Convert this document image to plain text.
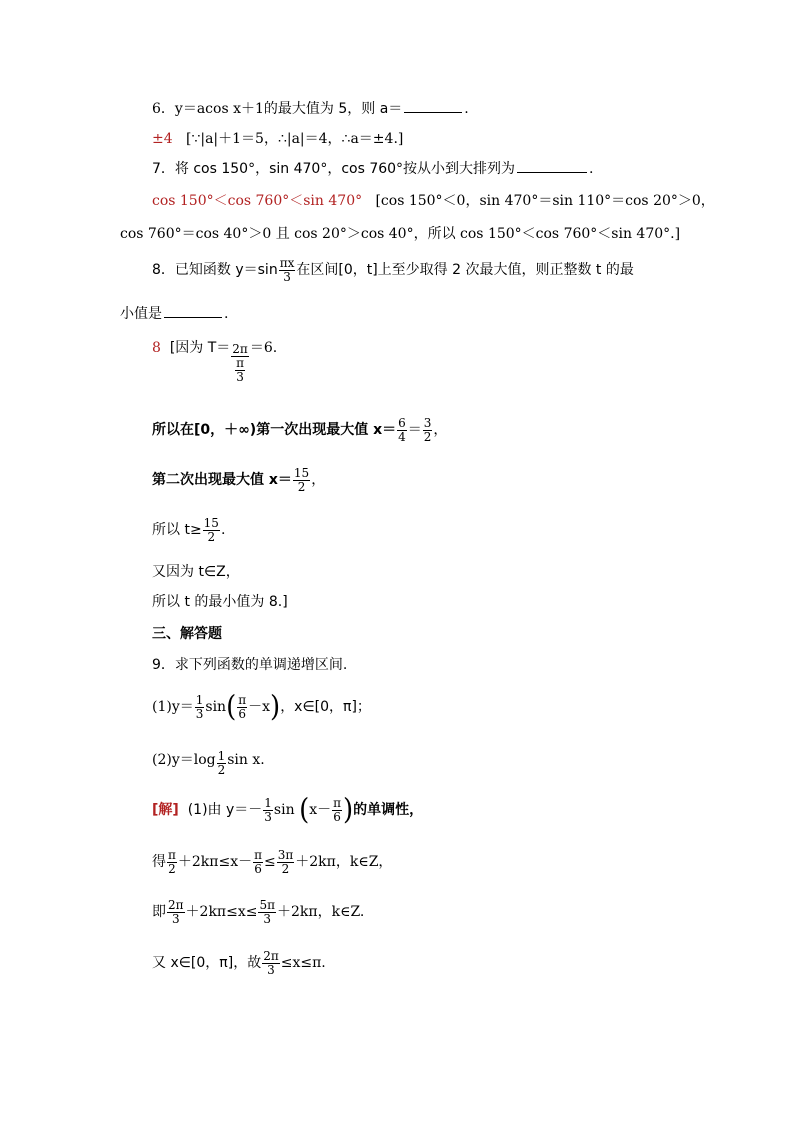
6．y＝acos x＋1的最大值为 5，则 a＝	.
±4 [∵|a|＋1＝5，∴|a|＝4，∴a＝±4.]
7．将 cos 150°，sin 470°，cos 760°按从小到大排列为	.
cos 150°＜cos 760°＜sin 470° [cos 150°＜0，sin 470°＝sin 110°＝cos 20°＞0，
cos 760°＝cos 40°＞0 且 cos 20°＞cos 40°，所以 cos 150°＜cos 760°＜sin 470°.]
8．已知函数 $y=\sin \frac{\pi x}{3}$ 在区间[0，t]上至少取得 2 次最大值，则正整数 t 的最
小值是	.
8 [因为 $T= \frac{2\pi}{\frac{\pi}{3}} =6$.
所以在[0，＋∞)第一次出现最大值 $x= \frac{6}{4} = \frac{3}{2}$ ，
第二次出现最大值 $x= \frac{15}{2}$ ，
所以 $t\ge \frac{15}{2}$ .
又因为 t∈Z，
所以 t 的最小值为 8.]
三、解答题
9．求下列函数的单调递增区间.
$(1)y= \frac{1}{3} \sin( \frac{\pi}{6} -x)$，x∈[0，π]；
$(2)y=\log \frac{1}{2}$ sin x.
[解] (1)由 $y=- \frac{1}{3}$ $\sin (x- \frac{\pi}{6}$ )的单调性，
得 $\frac{\pi}{2} +2k\pi\le x- \frac{\pi}{6} \le \frac{3\pi}{2} +2k\pi$，k∈Z，
即 $\frac{2\pi}{3} +2k\pi\le x\le \frac{5\pi}{3} +2k\pi$，k∈Z.
又 x∈[0，π]，故 $\frac{2\pi}{3} \le x\le\pi$.
